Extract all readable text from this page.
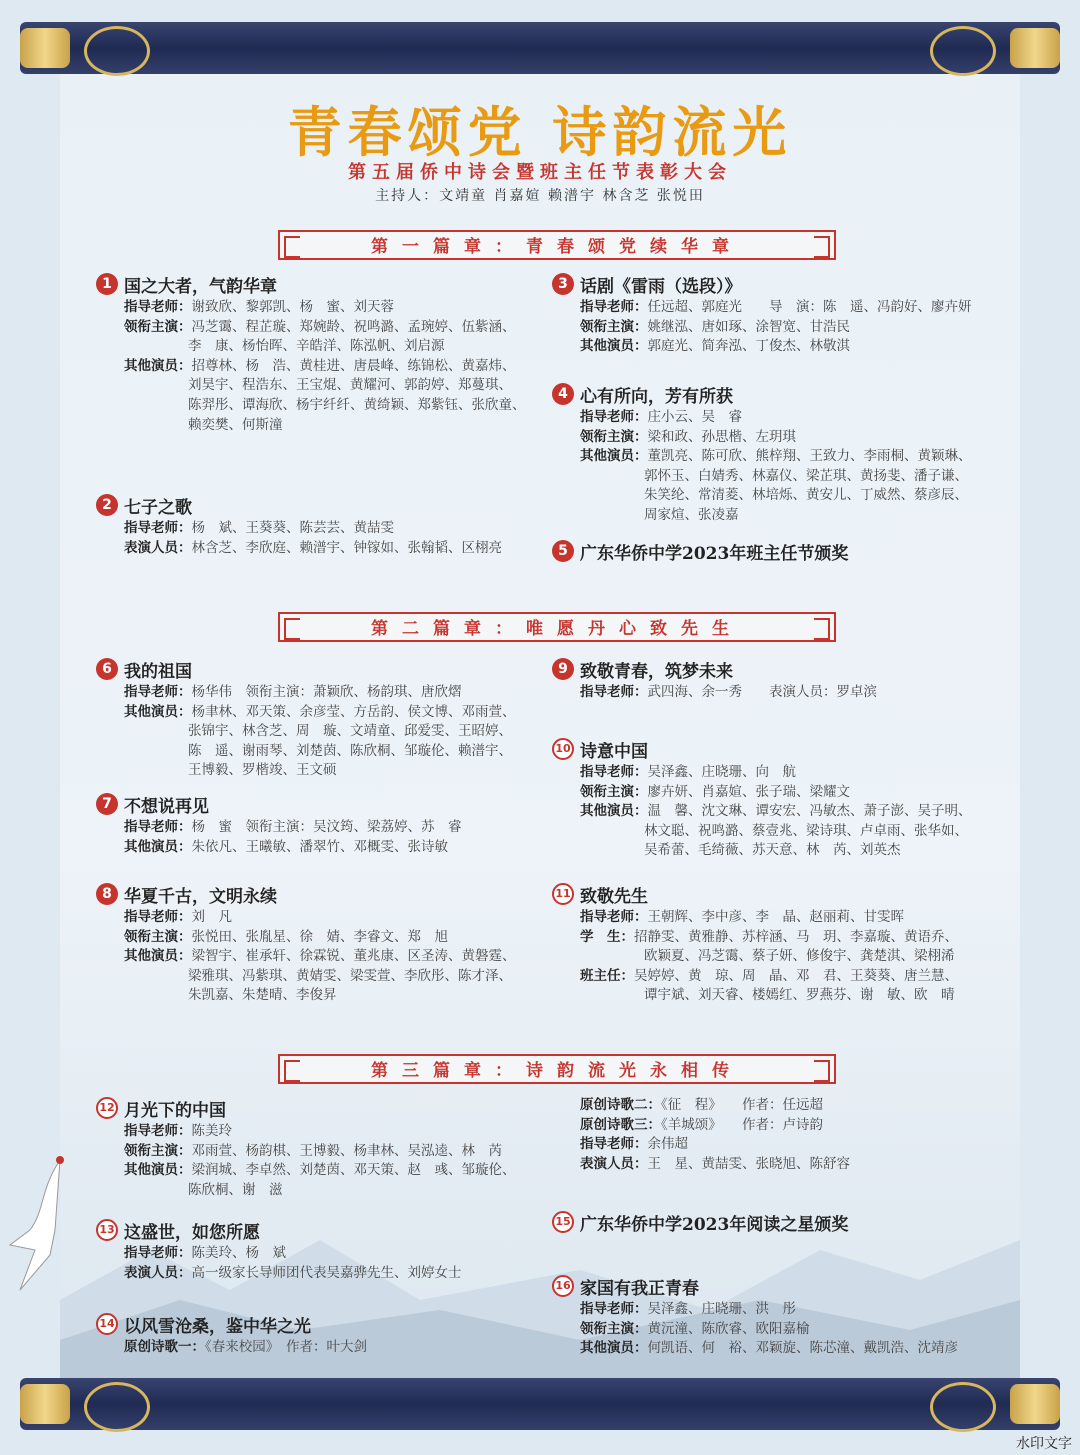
青春颂党 诗韵流光
第五届侨中诗会暨班主任节表彰大会
主持人：文靖童 肖嘉媗 赖潽宇 林含芝 张悦田
第一篇章：青春颂党续华章
第二篇章：唯愿丹心致先生
第三篇章：诗韵流光永相传
1 国之大者，气韵华章
指导老师：谢致欣、黎郭凯、杨　蜜、刘天蓉
领衔主演：冯芝霭、程芷璇、郑婉龄、祝鸣潞、孟琬婷、伍紫涵、
李　康、杨怡晖、辛皓洋、陈泓帆、刘启源
其他演员：招尊林、杨　浩、黄桂进、唐晨峰、练锦松、黄嘉炜、
刘昊宇、程浩东、王宝焜、黄耀河、郭韵婷、郑蔓琪、
陈羿彤、谭海欣、杨宇纤纤、黄绮颖、郑紫钰、张欣童、
赖奕樊、何斯潼
2 七子之歌
指导老师：杨　斌、王葵葵、陈芸芸、黄喆雯
表演人员：林含芝、李欣庭、赖潽宇、钟镓如、张翰韬、区栩亮
3 话剧《雷雨（选段）》
指导老师：任远超、郭庭光　　导　演：陈　遥、冯韵好、廖卉妍
领衔主演：姚继泓、唐如琢、涂智宽、甘浩民
其他演员：郭庭光、简奔泓、丁俊杰、林敬淇
4 心有所向，芳有所获
指导老师：庄小云、吴　睿
领衔主演：梁和政、孙思楷、左玥琪
其他演员：董凯亮、陈可欣、熊梓翔、王致力、李雨桐、黄颖琳、
郭怀玉、白婧秀、林嘉仪、梁芷琪、黄扬斐、潘子谦、
朱笑纶、常清菱、林培烁、黄安儿、丁威然、蔡彦辰、
周家煊、张凌嘉
5 广东华侨中学2023年班主任节颁奖
6 我的祖国
指导老师：杨华伟　领衔主演：萧颖欣、杨韵琪、唐欣熠
其他演员：杨聿林、邓天策、余彦莹、方岳韵、侯文博、邓雨萱、
张锦宇、林含芝、周　璇、文靖童、邱爱雯、王昭婷、
陈　遥、谢雨琴、刘楚茵、陈欣桐、邹璇伦、赖潽宇、
王博毅、罗楷竣、王文硕
7 不想说再见
指导老师：杨　蜜　领衔主演：吴汶筠、梁荔婷、苏　睿
其他演员：朱依凡、王曦敏、潘翠竹、邓概雯、张诗敏
8 华夏千古，文明永续
指导老师：刘　凡
领衔主演：张悦田、张胤星、徐　婧、李睿文、郑　旭
其他演员：梁智宇、崔承轩、徐霖锐、董兆康、区圣涛、黄磐霆、
梁雅琪、冯紫琪、黄婧雯、梁雯萱、李欣彤、陈才泽、
朱凯嘉、朱楚晴、李俊昇
9 致敬青春，筑梦未来
指导老师：武四海、余一秀　　表演人员：罗卓滨
10 诗意中国
指导老师：吴泽鑫、庄晓珊、向　航
领衔主演：廖卉妍、肖嘉媗、张子瑞、梁耀文
其他演员：温　馨、沈文琳、谭安宏、冯敏杰、萧子澎、吴子明、
林文聪、祝鸣潞、蔡壹兆、梁诗琪、卢卓雨、张华如、
吴希蕾、毛绮薇、苏天意、林　芮、刘英杰
11 致敬先生
指导老师：王朝辉、李中彦、李　晶、赵丽莉、甘雯晖
学　生：招静雯、黄雅静、苏梓涵、马　玥、李嘉璇、黄语乔、
欧颖夏、冯芝霭、蔡子妍、修俊宇、龚楚淇、梁栩浠
班主任：吴婷婷、黄　琼、周　晶、邓　君、王葵葵、唐兰慧、
谭宇斌、刘天睿、楼嫣红、罗燕芬、谢　敏、欧　晴
12 月光下的中国
指导老师：陈美玲
领衔主演：邓雨萱、杨韵棋、王博毅、杨聿林、吴泓逵、林　芮
其他演员：梁润城、李卓然、刘楚茵、邓天策、赵　彧、邹璇伦、
陈欣桐、谢　滋
13 这盛世，如您所愿
指导老师：陈美玲、杨　斌
表演人员：高一级家长导师团代表吴嘉骅先生、刘婷女士
14 以风雪沧桑，鉴中华之光
原创诗歌一：《春来校园》　作者：叶大剑
原创诗歌二：《征　程》　　作者：任远超
原创诗歌三：《羊城颂》　　作者：卢诗韵
指导老师：余伟超
表演人员：王　星、黄喆雯、张晓旭、陈舒容
15 广东华侨中学2023年阅读之星颁奖
16 家国有我正青春
指导老师：吴泽鑫、庄晓珊、洪　彤
领衔主演：黄沅潼、陈欣睿、欧阳嘉榆
其他演员：何凯语、何　裕、邓颖旋、陈芯潼、戴凯浩、沈靖彦
水印文字
